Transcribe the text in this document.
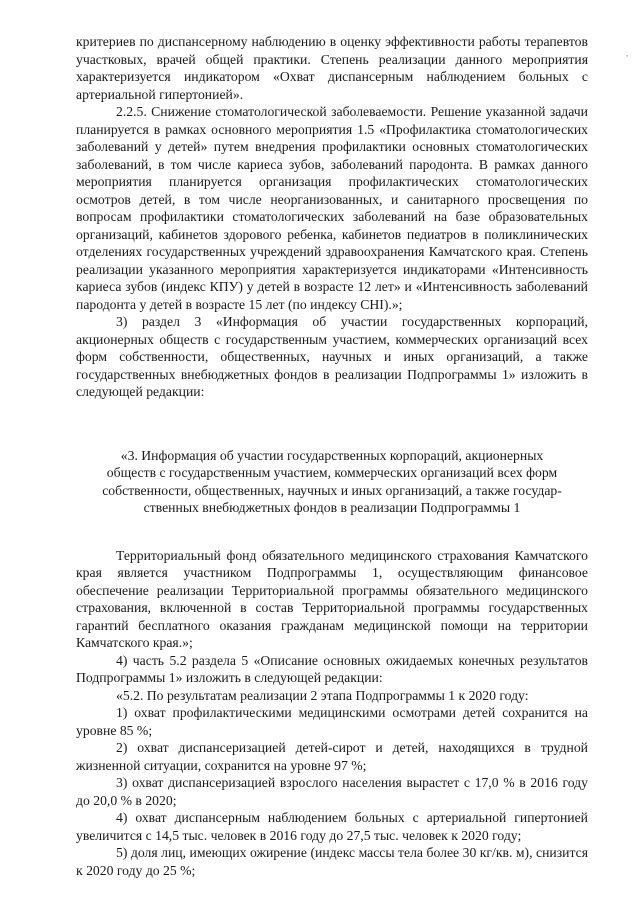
,

критериев по диспансерному наблюдению в оценку эффективности работы терапевтов участковых, врачей общей практики. Степень реализации данного мероприятия характеризуется индикатором «Охват диспансерным наблюдением больных с артериальной гипертонией».

2.2.5. Снижение стоматологической заболеваемости. Решение указанной задачи планируется в рамках основного мероприятия 1.5 «Профилактика стоматологических заболеваний у детей» путем внедрения профилактики основных стоматологических заболеваний, в том числе кариеса зубов, заболеваний пародонта. В рамках данного мероприятия планируется организация профилактических стоматологических осмотров детей, в том числе неорганизованных, и санитарного просвещения по вопросам профилактики стоматологических заболеваний на базе образовательных организаций, кабинетов здорового ребенка, кабинетов педиатров в поликлинических отделениях государственных учреждений здравоохранения Камчатского края. Степень реализации указанного мероприятия характеризуется индикаторами «Интенсивность кариеса зубов (индекс КПУ) у детей в возрасте 12 лет» и «Интенсивность заболеваний пародонта у детей в возрасте 15 лет (по индексу СНI).»;

3) раздел 3 «Информация об участии государственных корпораций, акционерных обществ с государственным участием, коммерческих организаций всех форм собственности, общественных, научных и иных организаций, а также государственных внебюджетных фондов в реализации Подпрограммы 1» изложить в следующей редакции:

«3. Информация об участии государственных корпораций, акционерных
обществ с государственным участием, коммерческих организаций всех форм
собственности, общественных, научных и иных организаций, а также государ-
ственных внебюджетных фондов в реализации Подпрограммы 1

Территориальный фонд обязательного медицинского страхования Камчатского края является участником Подпрограммы 1, осуществляющим финансовое обеспечение реализации Территориальной программы обязательного медицинского страхования, включенной в состав Территориальной программы государственных гарантий бесплатного оказания гражданам медицинской помощи на территории Камчатского края.»;

4) часть 5.2 раздела 5 «Описание основных ожидаемых конечных результатов Подпрограммы 1» изложить в следующей редакции:

«5.2. По результатам реализации 2 этапа Подпрограммы 1 к 2020 году:

1) охват профилактическими медицинскими осмотрами детей сохранится на уровне 85 %;

2) охват диспансеризацией детей-сирот и детей, находящихся в трудной жизненной ситуации, сохранится на уровне 97 %;

3) охват диспансеризацией взрослого населения вырастет с 17,0 % в 2016 году до 20,0 % в 2020;

4) охват диспансерным наблюдением больных с артериальной гипертонией увеличится с 14,5 тыс. человек в 2016 году до 27,5 тыс. человек к 2020 году;

5) доля лиц, имеющих ожирение (индекс массы тела более 30 кг/кв. м), снизится к 2020 году до 25 %;
